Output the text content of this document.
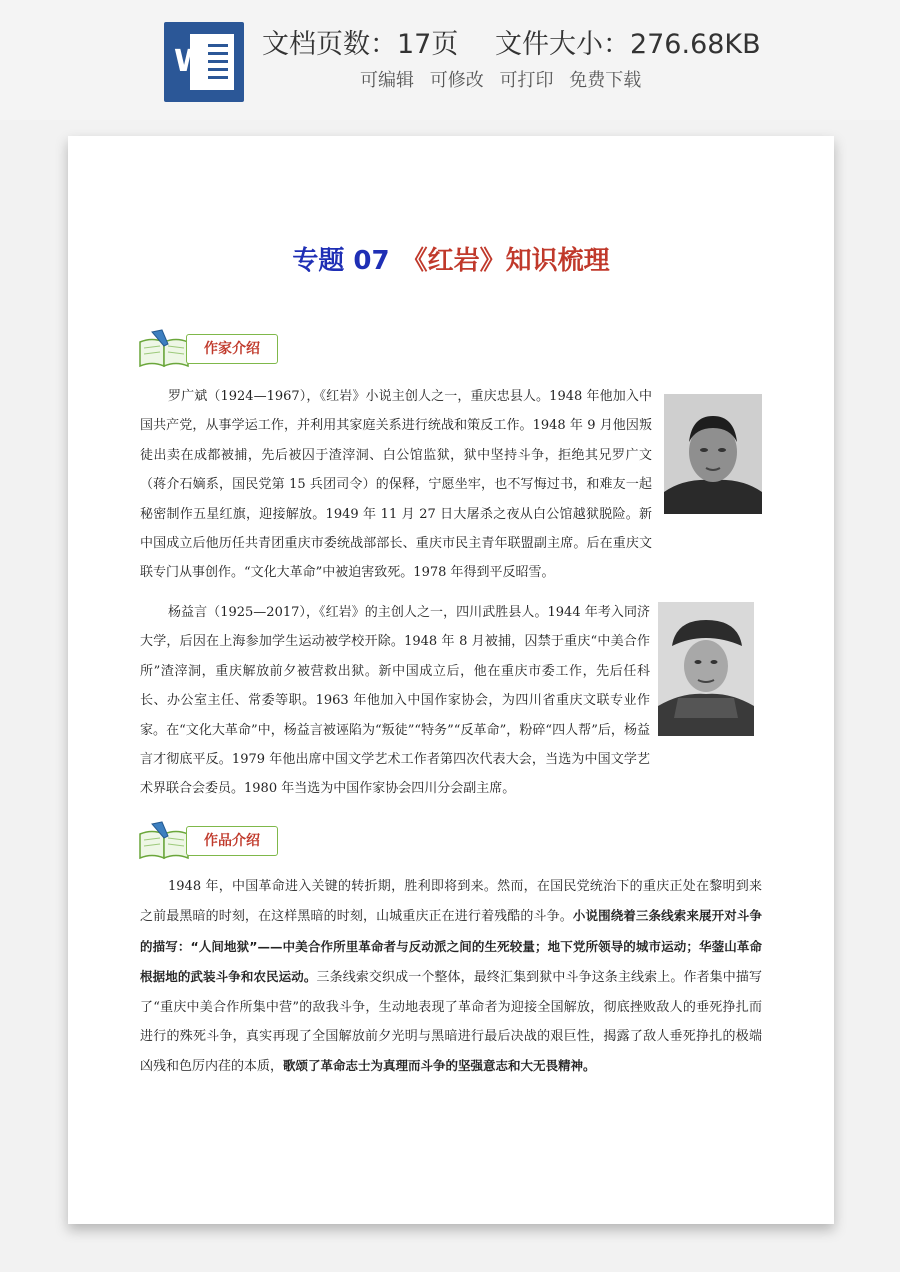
W 文档页数：17页 文件大小：276.68KB
可编辑 可修改 可打印 免费下载
专题 07 《红岩》知识梳理
作家介绍

罗广斌（1924—1967），《红岩》小说主创人之一，重庆忠县人。1948 年他加入中国共产党，从事学运工作，并利用其家庭关系进行统战和策反工作。1948 年 9 月他因叛徒出卖在成都被捕，先后被囚于渣滓洞、白公馆监狱，狱中坚持斗争，拒绝其兄罗广文（蒋介石嫡系，国民党第 15 兵团司令）的保释，宁愿坐牢，也不写悔过书，和难友一起秘密制作五星红旗，迎接解放。1949 年 11 月 27 日大屠杀之夜从白公馆越狱脱险。新中国成立后他历任共青团重庆市委统战部部长、重庆市民主青年联盟副主席。后在重庆文联专门从事创作。“文化大革命”中被迫害致死。1978 年得到平反昭雪。

杨益言（1925—2017），《红岩》的主创人之一，四川武胜县人。1944 年考入同济大学，后因在上海参加学生运动被学校开除。1948 年 8 月被捕，囚禁于重庆“中美合作所”渣滓洞，重庆解放前夕被营救出狱。新中国成立后，他在重庆市委工作，先后任科长、办公室主任、常委等职。1963 年他加入中国作家协会，为四川省重庆文联专业作家。在“文化大革命”中，杨益言被诬陷为“叛徒”“特务”“反革命”，粉碎“四人帮”后，杨益言才彻底平反。1979 年他出席中国文学艺术工作者第四次代表大会，当选为中国文学艺术界联合会委员。1980 年当选为中国作家协会四川分会副主席。

作品介绍

1948 年，中国革命进入关键的转折期，胜利即将到来。然而，在国民党统治下的重庆正处在黎明到来之前最黑暗的时刻，在这样黑暗的时刻，山城重庆正在进行着残酷的斗争。小说围绕着三条线索来展开对斗争的描写：“人间地狱”——中美合作所里革命者与反动派之间的生死较量；地下党所领导的城市运动；华蓥山革命根据地的武装斗争和农民运动。三条线索交织成一个整体，最终汇集到狱中斗争这条主线索上。作者集中描写了“重庆中美合作所集中营”的敌我斗争，生动地表现了革命者为迎接全国解放，彻底挫败敌人的垂死挣扎而进行的殊死斗争，真实再现了全国解放前夕光明与黑暗进行最后决战的艰巨性，揭露了敌人垂死挣扎的极端凶残和色厉内荏的本质，歌颂了革命志士为真理而斗争的坚强意志和大无畏精神。
